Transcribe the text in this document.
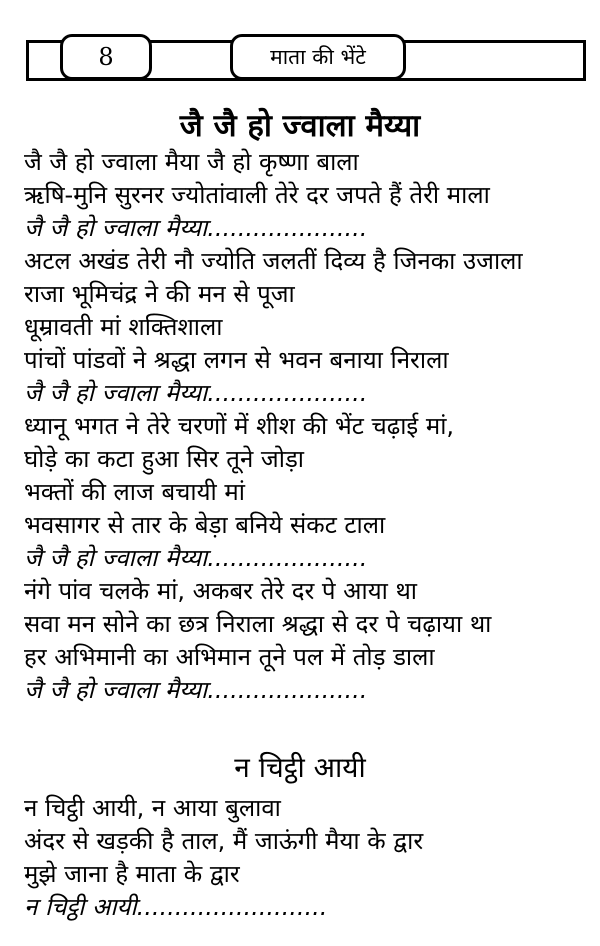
8	माता की भेंटे
जै जै हो ज्वाला मैय्या
जै जै हो ज्वाला मैया जै हो कृष्णा बाला
ऋषि-मुनि सुरनर ज्योतांवाली तेरे दर जपते हैं तेरी माला
जै जै हो ज्वाला मैय्या.....................
अटल अखंड तेरी नौ ज्योति जलतीं दिव्य है जिनका उजाला
राजा भूमिचंद्र ने की मन से पूजा
धूम्रावती मां शक्तिशाला
पांचों पांडवों ने श्रद्धा लगन से भवन बनाया निराला
जै जै हो ज्वाला मैय्या.....................
ध्यानू भगत ने तेरे चरणों में शीश की भेंट चढ़ाई मां,
घोड़े का कटा हुआ सिर तूने जोड़ा
भक्तों की लाज बचायी मां
भवसागर से तार के बेड़ा बनिये संकट टाला
जै जै हो ज्वाला मैय्या.....................
नंगे पांव चलके मां, अकबर तेरे दर पे आया था
सवा मन सोने का छत्र निराला श्रद्धा से दर पे चढ़ाया था
हर अभिमानी का अभिमान तूने पल में तोड़ डाला
जै जै हो ज्वाला मैय्या.....................
न चिट्ठी आयी
न चिट्ठी आयी, न आया बुलावा
अंदर से खड़की है ताल, मैं जाऊंगी मैया के द्वार
मुझे जाना है माता के द्वार
न चिट्ठी आयी.........................
